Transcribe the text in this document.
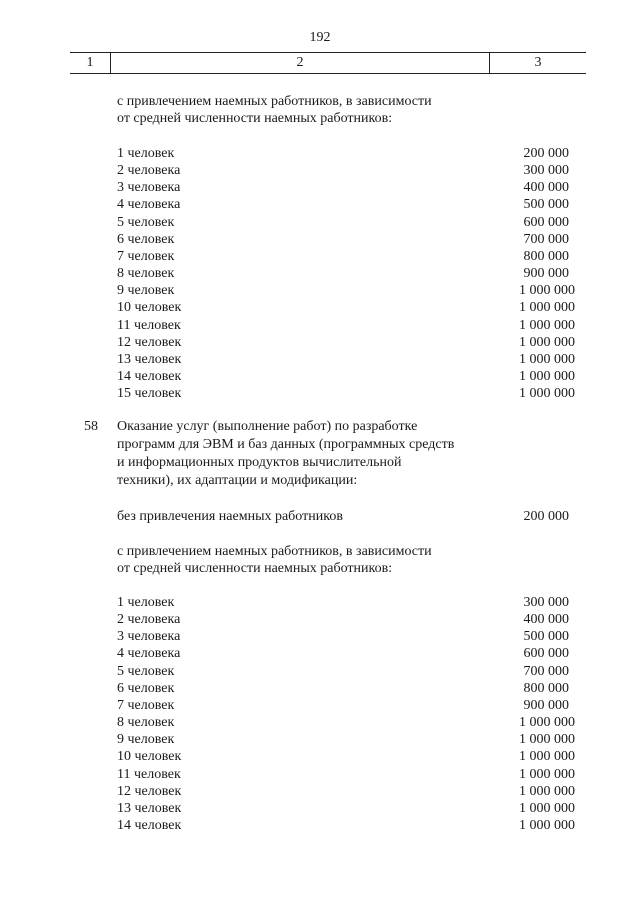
192
1	2	3
с привлечением наемных работников, в зависимости
от средней численности наемных работников:
1 человек	200 000
2 человека	300 000
3 человека	400 000
4 человека	500 000
5 человек	600 000
6 человек	700 000
7 человек	800 000
8 человек	900 000
9 человек	1 000 000
10 человек	1 000 000
11 человек	1 000 000
12 человек	1 000 000
13 человек	1 000 000
14 человек	1 000 000
15 человек	1 000 000
58 Оказание услуг (выполнение работ) по разработке
программ для ЭВМ и баз данных (программных средств
и информационных продуктов вычислительной
техники), их адаптации и модификации:
без привлечения наемных работников	200 000
с привлечением наемных работников, в зависимости
от средней численности наемных работников:
1 человек	300 000
2 человека	400 000
3 человека	500 000
4 человека	600 000
5 человек	700 000
6 человек	800 000
7 человек	900 000
8 человек	1 000 000
9 человек	1 000 000
10 человек	1 000 000
11 человек	1 000 000
12 человек	1 000 000
13 человек	1 000 000
14 человек	1 000 000
